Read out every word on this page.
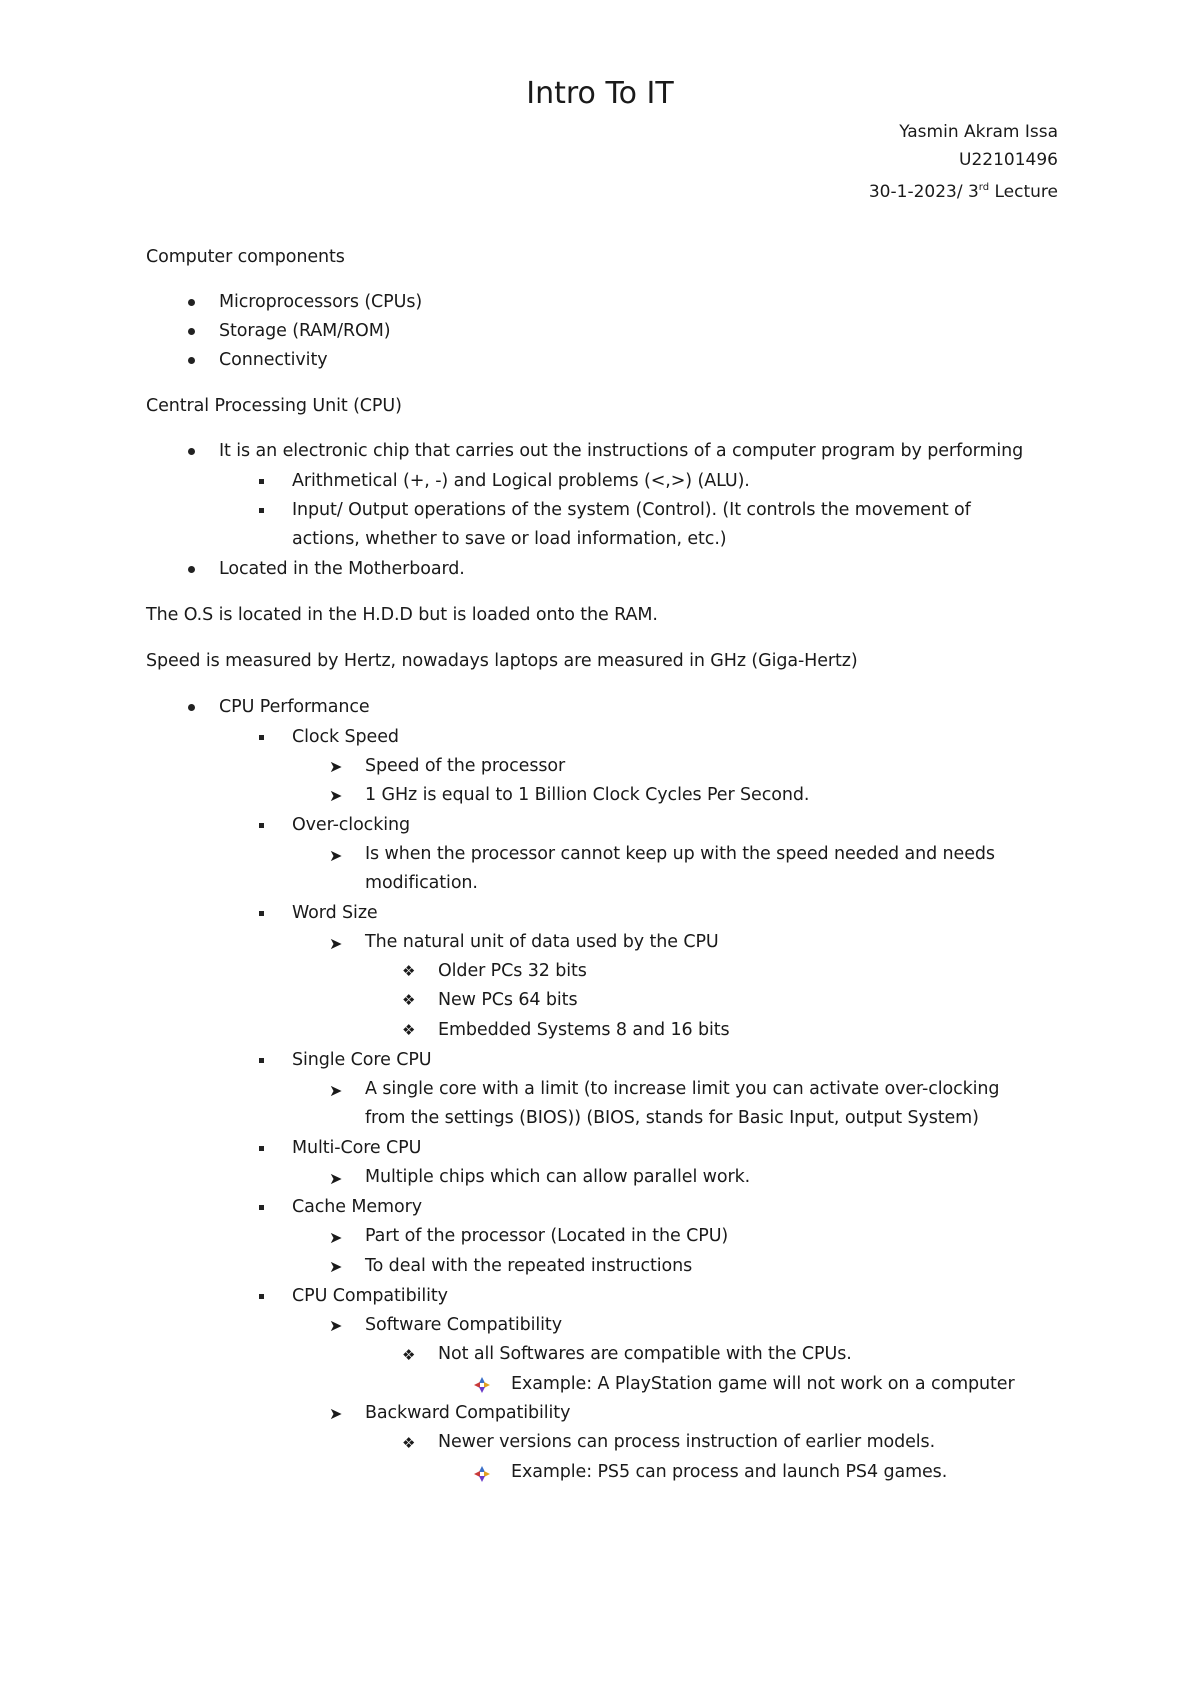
Intro To IT
Yasmin Akram Issa
U22101496
30-1-2023/ 3rd Lecture
Computer components
Microprocessors (CPUs)
Storage (RAM/ROM)
Connectivity
Central Processing Unit (CPU)
It is an electronic chip that carries out the instructions of a computer program by performing
Arithmetical (+, -) and Logical problems (<,>) (ALU).
Input/ Output operations of the system (Control). (It controls the movement of
actions, whether to save or load information, etc.)
Located in the Motherboard.
The O.S is located in the H.D.D but is loaded onto the RAM.
Speed is measured by Hertz, nowadays laptops are measured in GHz (Giga-Hertz)
CPU Performance
Clock Speed
➤ Speed of the processor
➤ 1 GHz is equal to 1 Billion Clock Cycles Per Second.
Over-clocking
➤ Is when the processor cannot keep up with the speed needed and needs
modification.
Word Size
➤ The natural unit of data used by the CPU
❖ Older PCs 32 bits
❖ New PCs 64 bits
❖ Embedded Systems 8 and 16 bits
Single Core CPU
➤ A single core with a limit (to increase limit you can activate over-clocking
from the settings (BIOS)) (BIOS, stands for Basic Input, output System)
Multi-Core CPU
➤ Multiple chips which can allow parallel work.
Cache Memory
➤ Part of the processor (Located in the CPU)
➤ To deal with the repeated instructions
CPU Compatibility
➤ Software Compatibility
❖ Not all Softwares are compatible with the CPUs.
Example: A PlayStation game will not work on a computer
➤ Backward Compatibility
❖ Newer versions can process instruction of earlier models.
Example: PS5 can process and launch PS4 games.
